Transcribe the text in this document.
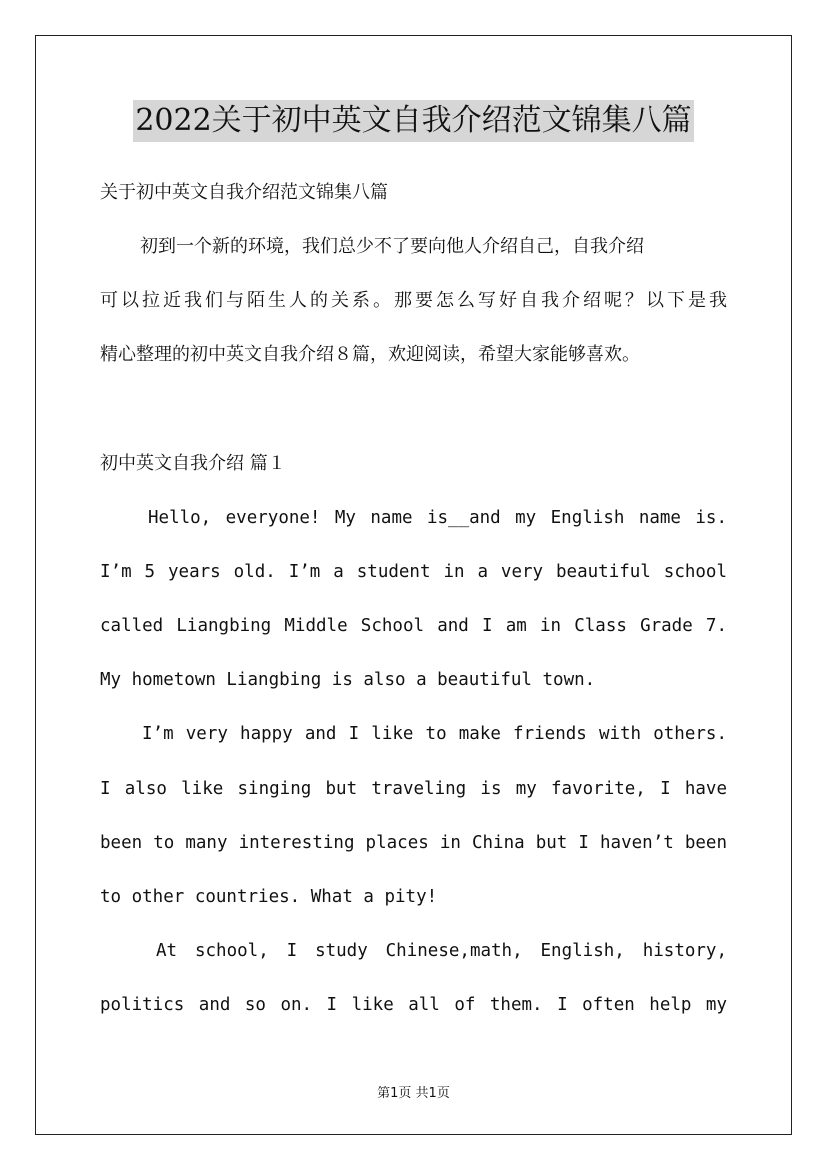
2022关于初中英文自我介绍范文锦集八篇
关于初中英文自我介绍范文锦集八篇
初到一个新的环境，我们总少不了要向他人介绍自己，自我介绍
可以拉近我们与陌生人的关系。那要怎么写好自我介绍呢？以下是我
精心整理的初中英文自我介绍８篇，欢迎阅读，希望大家能够喜欢。
初中英文自我介绍 篇１
Hello, everyone! My name is__and my English name is.
I’m 5 years old. I’m a student in a very beautiful school
called Liangbing Middle School and I am in Class Grade 7.
My hometown Liangbing is also a beautiful town.
I’m very happy and I like to make friends with others.
I also like singing but traveling is my favorite, I have
been to many interesting places in China but I haven’t been
to other countries. What a pity!
At school, I study Chinese,math, English, history,
politics and so on. I like all of them. I often help my
第1页 共1页
